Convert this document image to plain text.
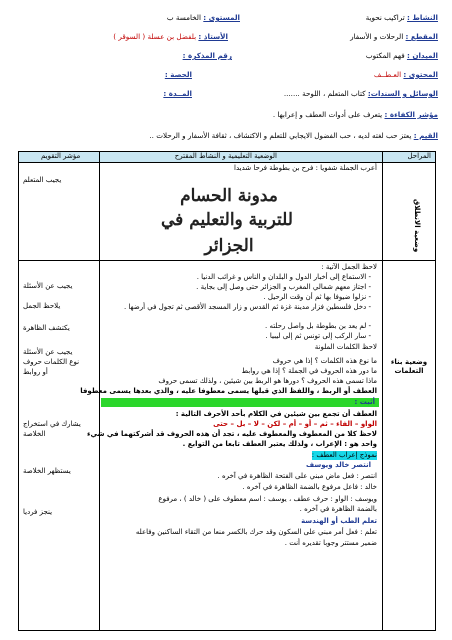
النشاط : تراكيب نحوية
المستوى : الخامسة ب
المقطع : الرحلات و الأسفار
الأستاذ : بلفضل بن عسلة ( السوقر )
الميدان : فهم المكتوب
رقم المذكرة :
المحتوى : العـطــف
الحصة :
الوسائل و السندات: كتاب المتعلم ، اللوحة .......
المــدة :
مؤشر الكفاءة : يتعرف على أدوات العطف و إعرابها .
القيم : يعتز حب لغته لديه ، حب الفضول الايجابي للتعلم و الاكتشاف ، ثقافة الأسفار و الرحلات ..
المراحل
الوضعية التعليمية و النشاط المقترح
مؤشر التقويم
وضعية الانطلاق
وضعية بناء التعلمات
أعرب الجملة شفويا : فرح بن بطوطة فرحا شديدا
يجيب المتعلم
مدونة الحسام
للتربية والتعليم في
الجزائر
لاحظ الجمل الآتية :
- الاستماع إلى أخبار الدول و البلدان و الناس و غرائب الدنيا .
- اجتاز معهم شمالي المغرب و الجزائر حتى وصل إلى بجاية .
- نزلوا ضيوفا بها ثم أن وقت الرحيل .
- دخل فلسطين فزار مدينة غزة ثم القدس و زار المسجد الأقصى ثم تجول في أرضها .
- لم يعد بن بطوطة بل واصل رحلته .
- سار الركب إلى تونس ثم إلى ليبيا .
لاحظ الكلمات الملونة
ما نوع هذه الكلمات ؟ إذا هي حروف
ما دور هذه الحروف في الجملة ؟ إذا هي روابط
ماذا تسمى هذه الحروف ؟ دورها هو الربط بين شيئين ، ولذلك تسمى حروف
العطف أو الربط ، واللفظ الذي قبلها يسمى معطوفا عليه ، والذي بعدها يسمى معطوفا
أثبت :
العطف أن تجمع بين شيئين في الكلام بأحد الأحرف التالية :
الواو – الفاء – ثم – أو – أم – لكن – لا – بل – حتى
لاحظ كلا من المعطوف والمعطوف عليه ، تجد أن هذه الحروف قد أشركتهما في شيء
واحد هو : الإعراب ، ولذلك يعتبر العطف تابعا من التوابع .
نموذج إعراب العطف :
انتصر خالد ويوسف
انتصر : فعل ماض مبني على الفتحة الظاهرة في آخره .
خالد : فاعل مرفوع بالضمة الظاهرة في آخره .
ويوسف : الواو : حرف عطف ، يوسف : اسم معطوف على ( خالد ) ، مرفوع
بالضمة الظاهرة في آخره .
تعلم الطب أو الهندسة
تعلم : فعل أمر مبني على السكون وقد حرك بالكسر منعا من التقاء الساكنين وفاعله
ضمير مستتر وجوبا تقديره أنت .
يجيب عن الأسئلة
يلاحظ الجمل
يكتشف الظاهرة
يجيب عن الأسئلة
نوع الكلمات حروف
أو روابط
يشارك في استخراج
الخلاصة
يستظهر الخلاصة
ينجز فرديا
